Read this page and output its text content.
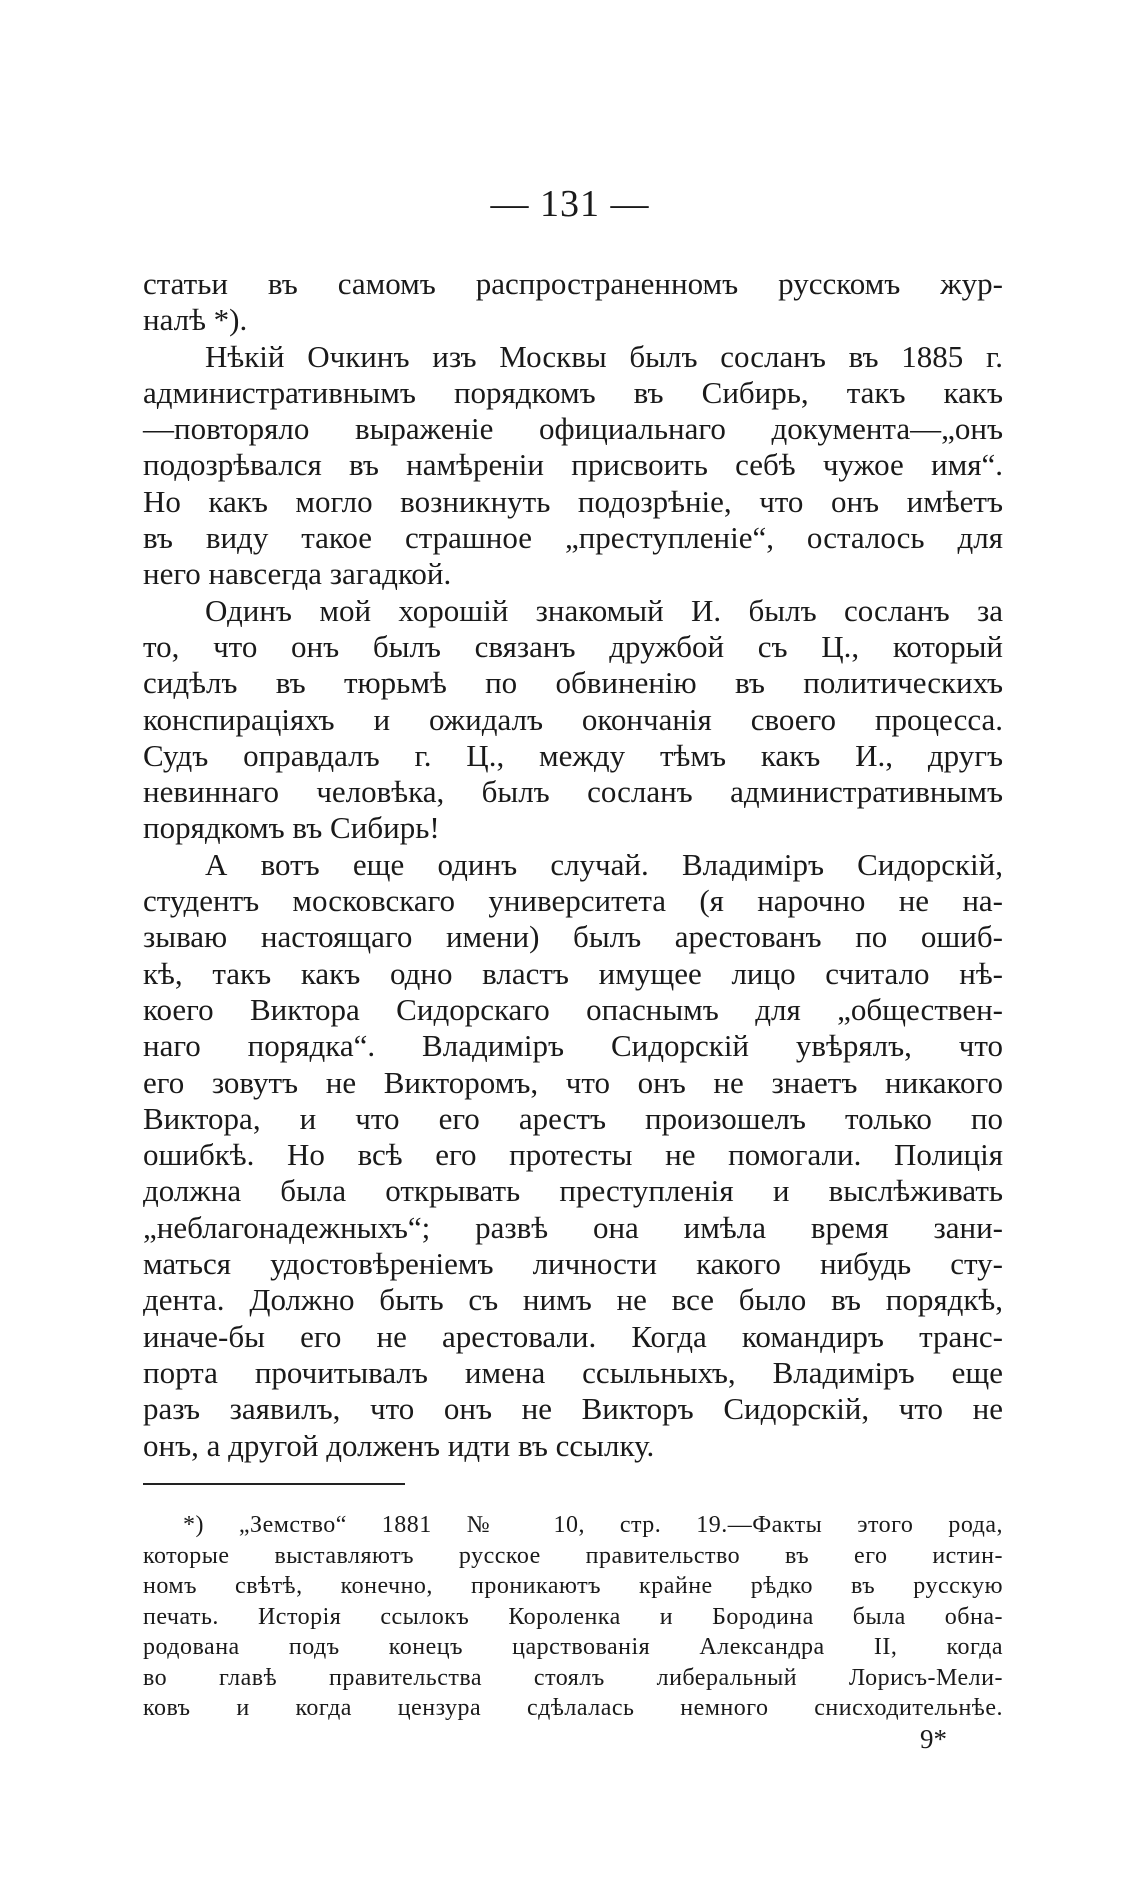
— 131 —
статьи въ самомъ распространенномъ русскомъ жур-
налѣ *).
Нѣкій Очкинъ изъ Москвы былъ сосланъ въ 1885 г.
административнымъ порядкомъ въ Сибирь, такъ какъ
—повторяло выраженіе официальнаго документа—„онъ
подозрѣвался въ намѣреніи присвоить себѣ чужое имя“.
Но какъ могло возникнуть подозрѣніе, что онъ имѣетъ
въ виду такое страшное „преступленіе“, осталось для
него навсегда загадкой.
Одинъ мой хорошій знакомый И. былъ сосланъ за
то, что онъ былъ связанъ дружбой съ Ц., который
сидѣлъ въ тюрьмѣ по обвиненію въ политическихъ
конспирацiяхъ и ожидалъ окончанія своего процесса.
Судъ оправдалъ г. Ц., между тѣмъ какъ И., другъ
невиннаго человѣка, былъ сосланъ административнымъ
порядкомъ въ Сибирь!
А вотъ еще одинъ случай. Владиміръ Сидорскій,
студентъ московскаго университета (я нарочно не на-
зываю настоящаго имени) былъ арестованъ по ошиб-
кѣ, такъ какъ одно властъ имущее лицо считало нѣ-
коего Виктора Сидорскаго опаснымъ для „обществен-
наго порядка“. Владиміръ Сидорскій увѣрялъ, что
его зовутъ не Викторомъ, что онъ не знаетъ никакого
Виктора, и что его арестъ произошелъ только по
ошибкѣ. Но всѣ его протесты не помогали. Полиція
должна была открывать преступленія и выслѣживать
„неблагонадежныхъ“; развѣ она имѣла время зани-
маться удостовѣреніемъ личности какого нибудь сту-
дента. Должно быть съ нимъ не все было въ порядкѣ,
иначе-бы его не арестовали. Когда командиръ транс-
порта прочитывалъ имена ссыльныхъ, Владиміръ еще
разъ заявилъ, что онъ не Викторъ Сидорскій, что не
онъ, а другой долженъ идти въ ссылку.
*) „Земство“ 1881 № 10, стр. 19.—Факты этого рода,
которые выставляютъ русское правительство въ его истин-
номъ свѣтѣ, конечно, проникаютъ крайне рѣдко въ русскую
печать. Исторія ссылокъ Короленка и Бородина была обна-
родована подъ конецъ царствованія Александра II, когда
во главѣ правительства стоялъ либеральный Лорисъ-Мели-
ковъ и когда цензура сдѣлалась немного снисходительнѣе.
9*
